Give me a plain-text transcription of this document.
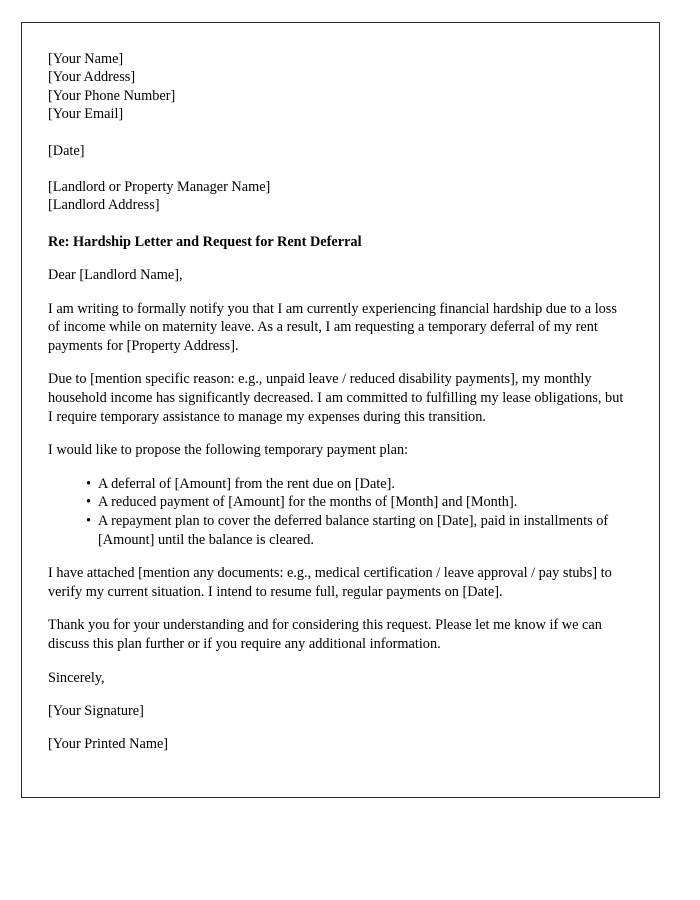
[Your Name]
[Your Address]
[Your Phone Number]
[Your Email]
[Date]
[Landlord or Property Manager Name]
[Landlord Address]
Re: Hardship Letter and Request for Rent Deferral
Dear [Landlord Name],

I am writing to formally notify you that I am currently experiencing financial hardship due to a loss of income while on maternity leave. As a result, I am requesting a temporary deferral of my rent payments for [Property Address].

Due to [mention specific reason: e.g., unpaid leave / reduced disability payments], my monthly household income has significantly decreased. I am committed to fulfilling my lease obligations, but I require temporary assistance to manage my expenses during this transition.

I would like to propose the following temporary payment plan:

• A deferral of [Amount] from the rent due on [Date].
• A reduced payment of [Amount] for the months of [Month] and [Month].
• A repayment plan to cover the deferred balance starting on [Date], paid in installments of [Amount] until the balance is cleared.

I have attached [mention any documents: e.g., medical certification / leave approval / pay stubs] to verify my current situation. I intend to resume full, regular payments on [Date].

Thank you for your understanding and for considering this request. Please let me know if we can discuss this plan further or if you require any additional information.

Sincerely,
[Your Signature]
[Your Printed Name]
